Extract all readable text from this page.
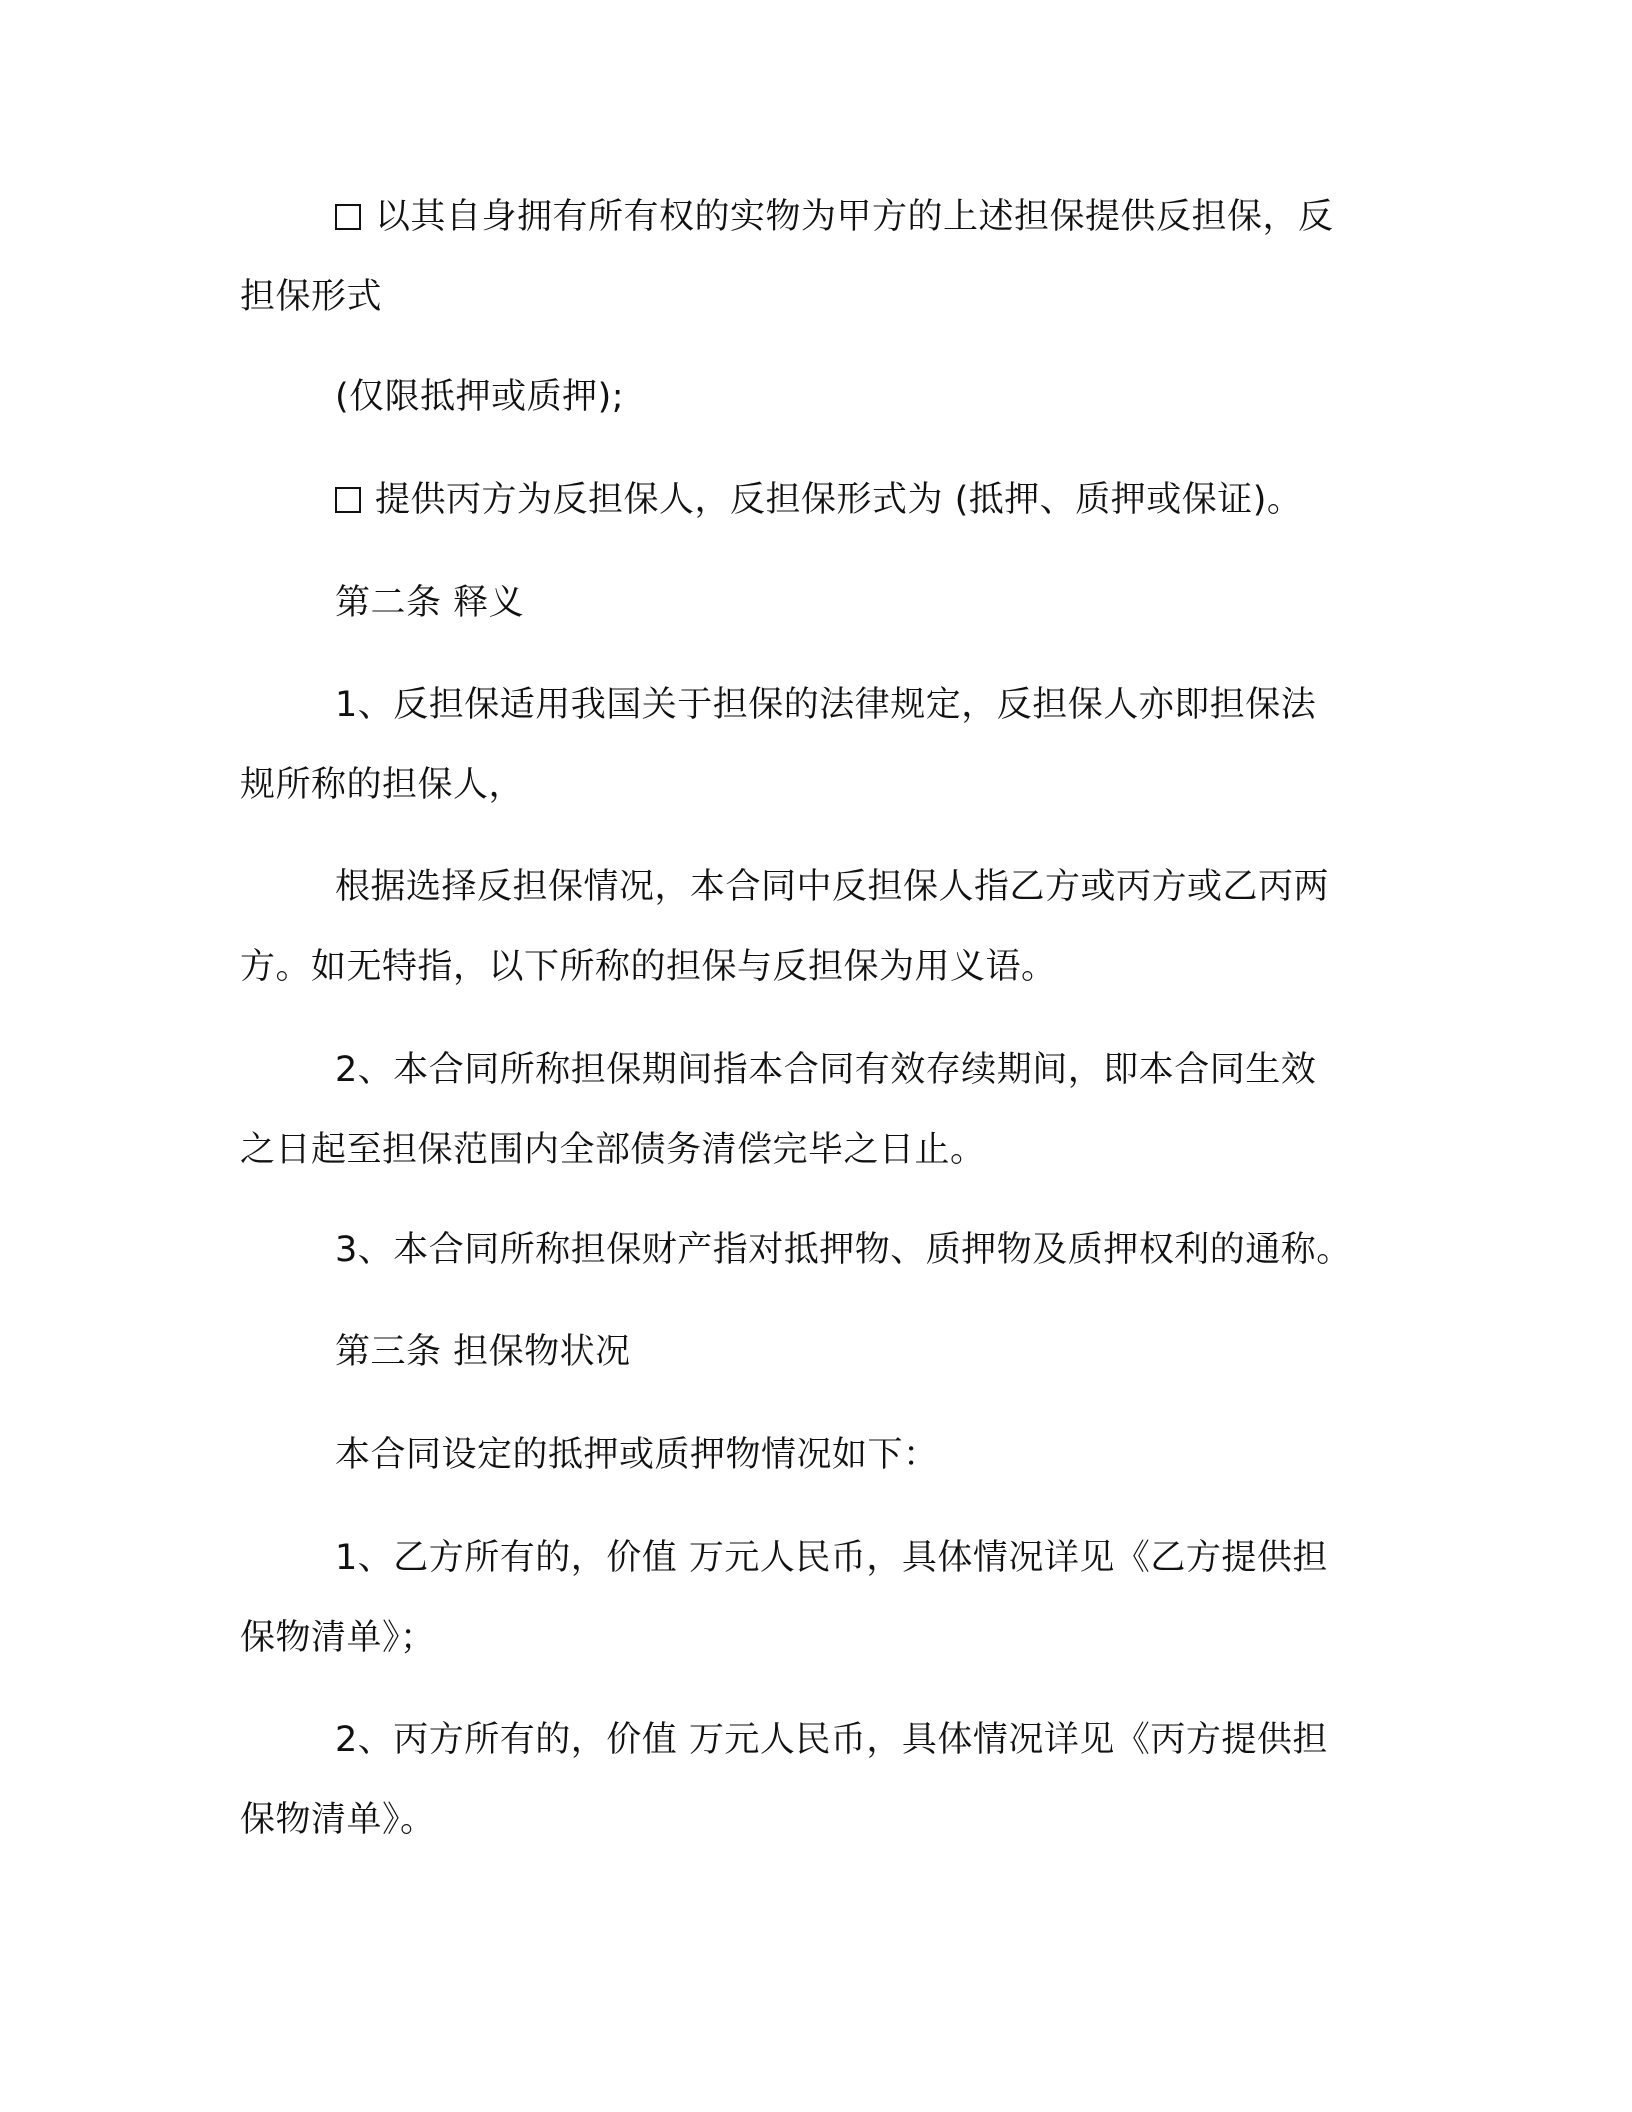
以其自身拥有所有权的实物为甲方的上述担保提供反担保，反
担保形式

(仅限抵押或质押);

提供丙方为反担保人，反担保形式为 (抵押、质押或保证)。

第二条 释义

1、反担保适用我国关于担保的法律规定，反担保人亦即担保法
规所称的担保人，
根据选择反担保情况，本合同中反担保人指乙方或丙方或乙丙两
方。如无特指，以下所称的担保与反担保为用义语。
2、本合同所称担保期间指本合同有效存续期间，即本合同生效
之日起至担保范围内全部债务清偿完毕之日止。

3、本合同所称担保财产指对抵押物、质押物及质押权利的通称。

第三条 担保物状况

本合同设定的抵押或质押物情况如下：

1、乙方所有的，价值 万元人民币，具体情况详见《乙方提供担
保物清单》；
2、丙方所有的，价值 万元人民币，具体情况详见《丙方提供担
保物清单》。
